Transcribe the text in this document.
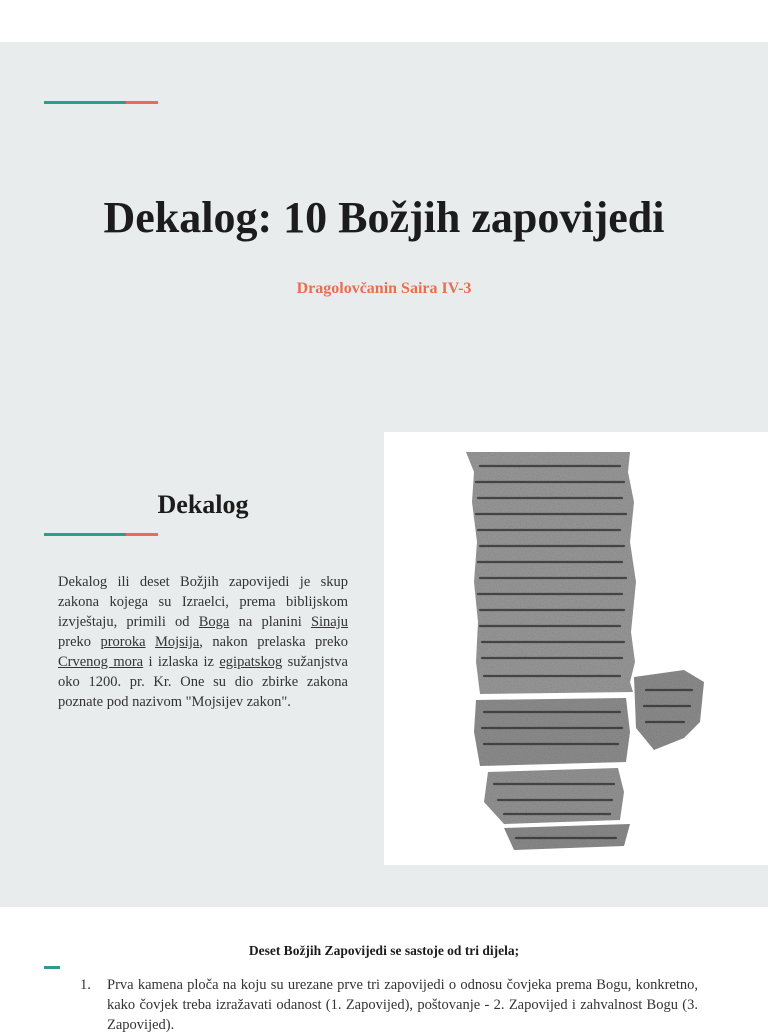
Dekalog: 10 Božjih zapovijedi

Dragolovčanin Saira IV-3

Dekalog

Dekalog ili deset Božjih zapovijedi je skup zakona kojega su Izraelci, prema biblijskom izvještaju, primili od Boga na planini Sinaju preko proroka Mojsija, nakon prelaska preko Crvenog mora i izlaska iz egipatskog sužanjstva oko 1200. pr. Kr. One su dio zbirke zakona poznate pod nazivom "Mojsijev zakon".

Deset Božjih Zapovijedi se sastoje od tri dijela;
1. Prva kamena ploča na koju su urezane prve tri zapovijedi o odnosu čovjeka prema Bogu, konkretno, kako čovjek treba izražavati odanost (1. Zapovijed), poštovanje - 2. Zapovijed i zahvalnost Bogu (3. Zapovijed).
